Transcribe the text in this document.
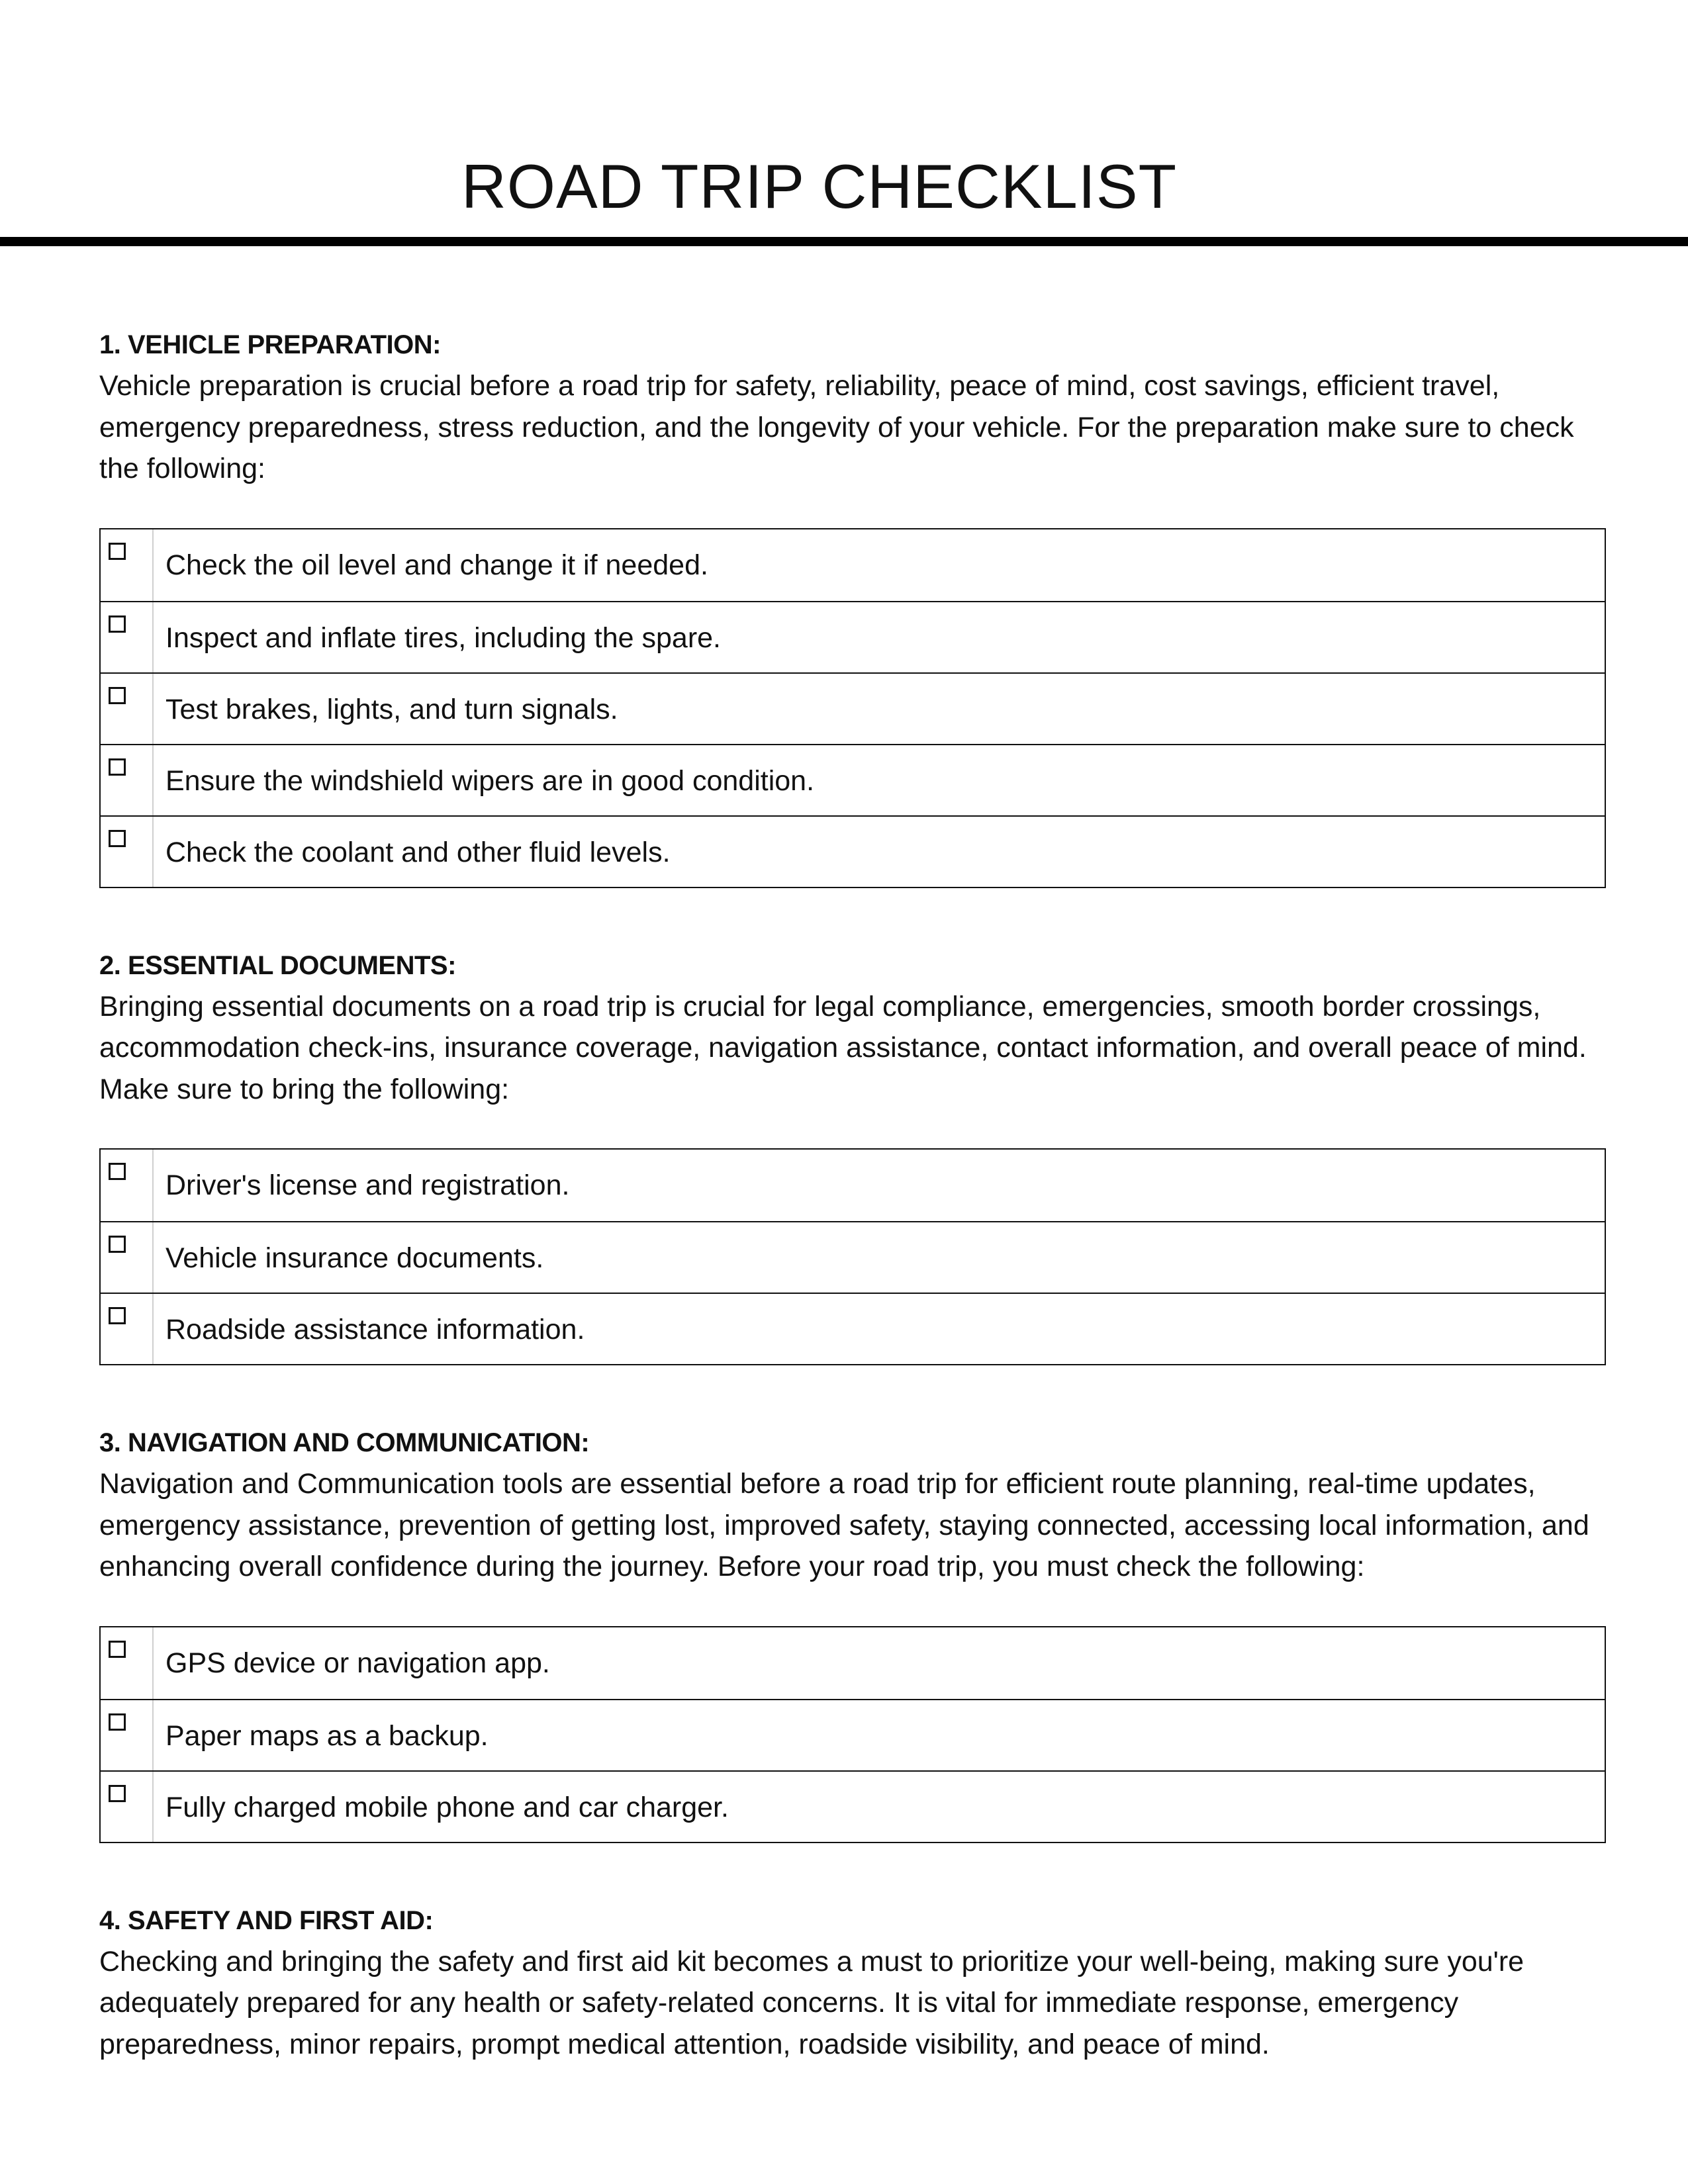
ROAD TRIP CHECKLIST

1. VEHICLE PREPARATION:

Vehicle preparation is crucial before a road trip for safety, reliability, peace of mind, cost savings, efficient travel, emergency preparedness, stress reduction, and the longevity of your vehicle. For the preparation make sure to check the following:

Check the oil level and change it if needed.
Inspect and inflate tires, including the spare.
Test brakes, lights, and turn signals.
Ensure the windshield wipers are in good condition.
Check the coolant and other fluid levels.

2. ESSENTIAL DOCUMENTS:

Bringing essential documents on a road trip is crucial for legal compliance, emergencies, smooth border crossings, accommodation check-ins, insurance coverage, navigation assistance, contact information, and overall peace of mind. Make sure to bring the following:

Driver's license and registration.
Vehicle insurance documents.
Roadside assistance information.

3. NAVIGATION AND COMMUNICATION:

Navigation and Communication tools are essential before a road trip for efficient route planning, real-time updates, emergency assistance, prevention of getting lost, improved safety, staying connected, accessing local information, and enhancing overall confidence during the journey. Before your road trip, you must check the following:

GPS device or navigation app.
Paper maps as a backup.
Fully charged mobile phone and car charger.

4. SAFETY AND FIRST AID:

Checking and bringing the safety and first aid kit becomes a must to prioritize your well-being, making sure you're adequately prepared for any health or safety-related concerns. It is vital for immediate response, emergency preparedness, minor repairs, prompt medical attention, roadside visibility, and peace of mind.
